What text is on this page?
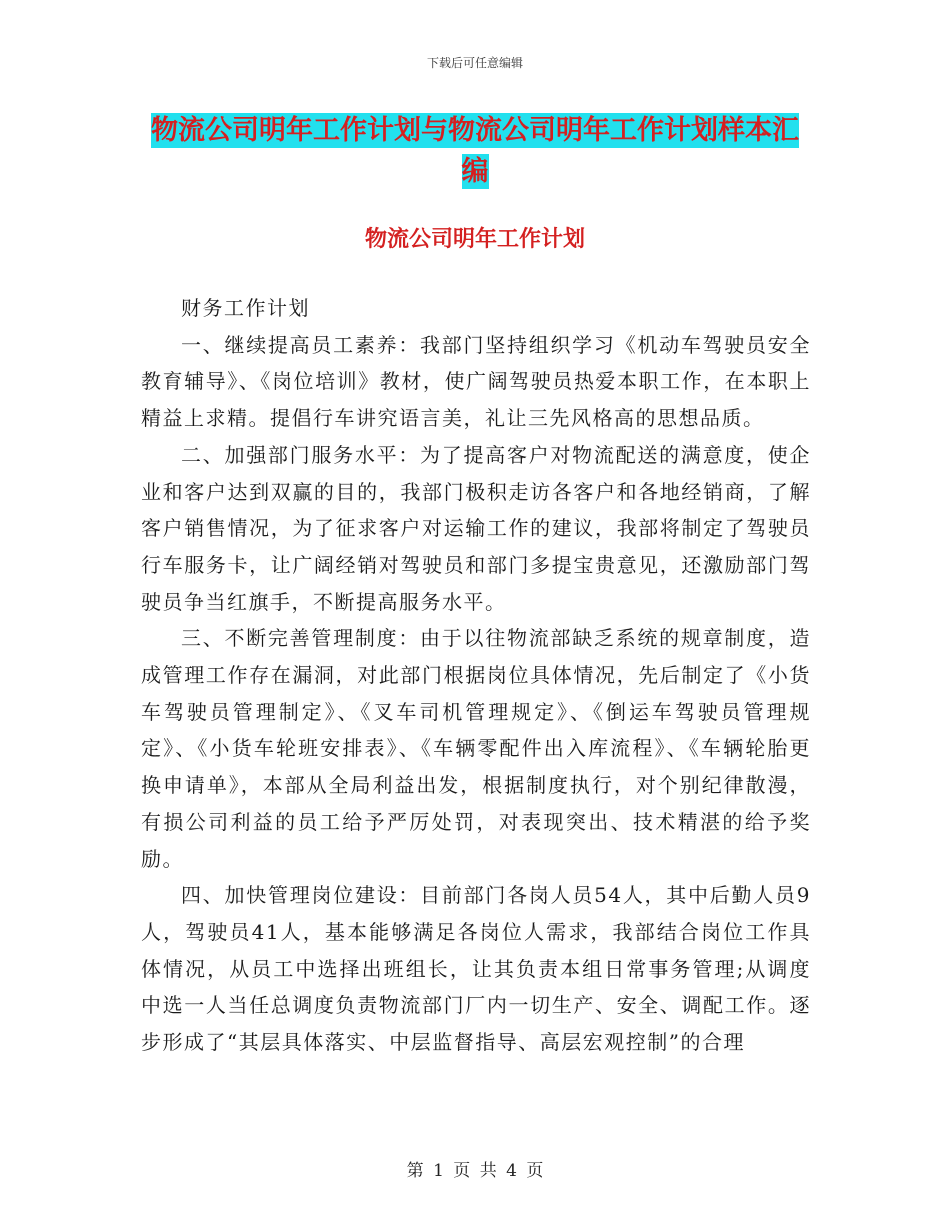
下载后可任意编辑
物流公司明年工作计划与物流公司明年工作计划样本汇编
物流公司明年工作计划

财务工作计划

一、继续提高员工素养：我部门坚持组织学习《机动车驾驶员安全教育辅导》、《岗位培训》教材，使广阔驾驶员热爱本职工作，在本职上精益上求精。提倡行车讲究语言美，礼让三先风格高的思想品质。

二、加强部门服务水平：为了提高客户对物流配送的满意度，使企业和客户达到双赢的目的，我部门极积走访各客户和各地经销商，了解客户销售情况，为了征求客户对运输工作的建议，我部将制定了驾驶员行车服务卡，让广阔经销对驾驶员和部门多提宝贵意见，还激励部门驾驶员争当红旗手，不断提高服务水平。

三、不断完善管理制度：由于以往物流部缺乏系统的规章制度，造成管理工作存在漏洞，对此部门根据岗位具体情况，先后制定了《小货车驾驶员管理制定》、《叉车司机管理规定》、《倒运车驾驶员管理规定》、《小货车轮班安排表》、《车辆零配件出入库流程》、《车辆轮胎更换申请单》，本部从全局利益出发，根据制度执行，对个别纪律散漫，有损公司利益的员工给予严厉处罚，对表现突出、技术精湛的给予奖励。

四、加快管理岗位建设：目前部门各岗人员54人，其中后勤人员9人，驾驶员41人，基本能够满足各岗位人需求，我部结合岗位工作具体情况，从员工中选择出班组长，让其负责本组日常事务管理;从调度中选一人当任总调度负责物流部门厂内一切生产、安全、调配工作。逐步形成了“其层具体落实、中层监督指导、高层宏观控制”的合理

第 1 页 共 4 页
